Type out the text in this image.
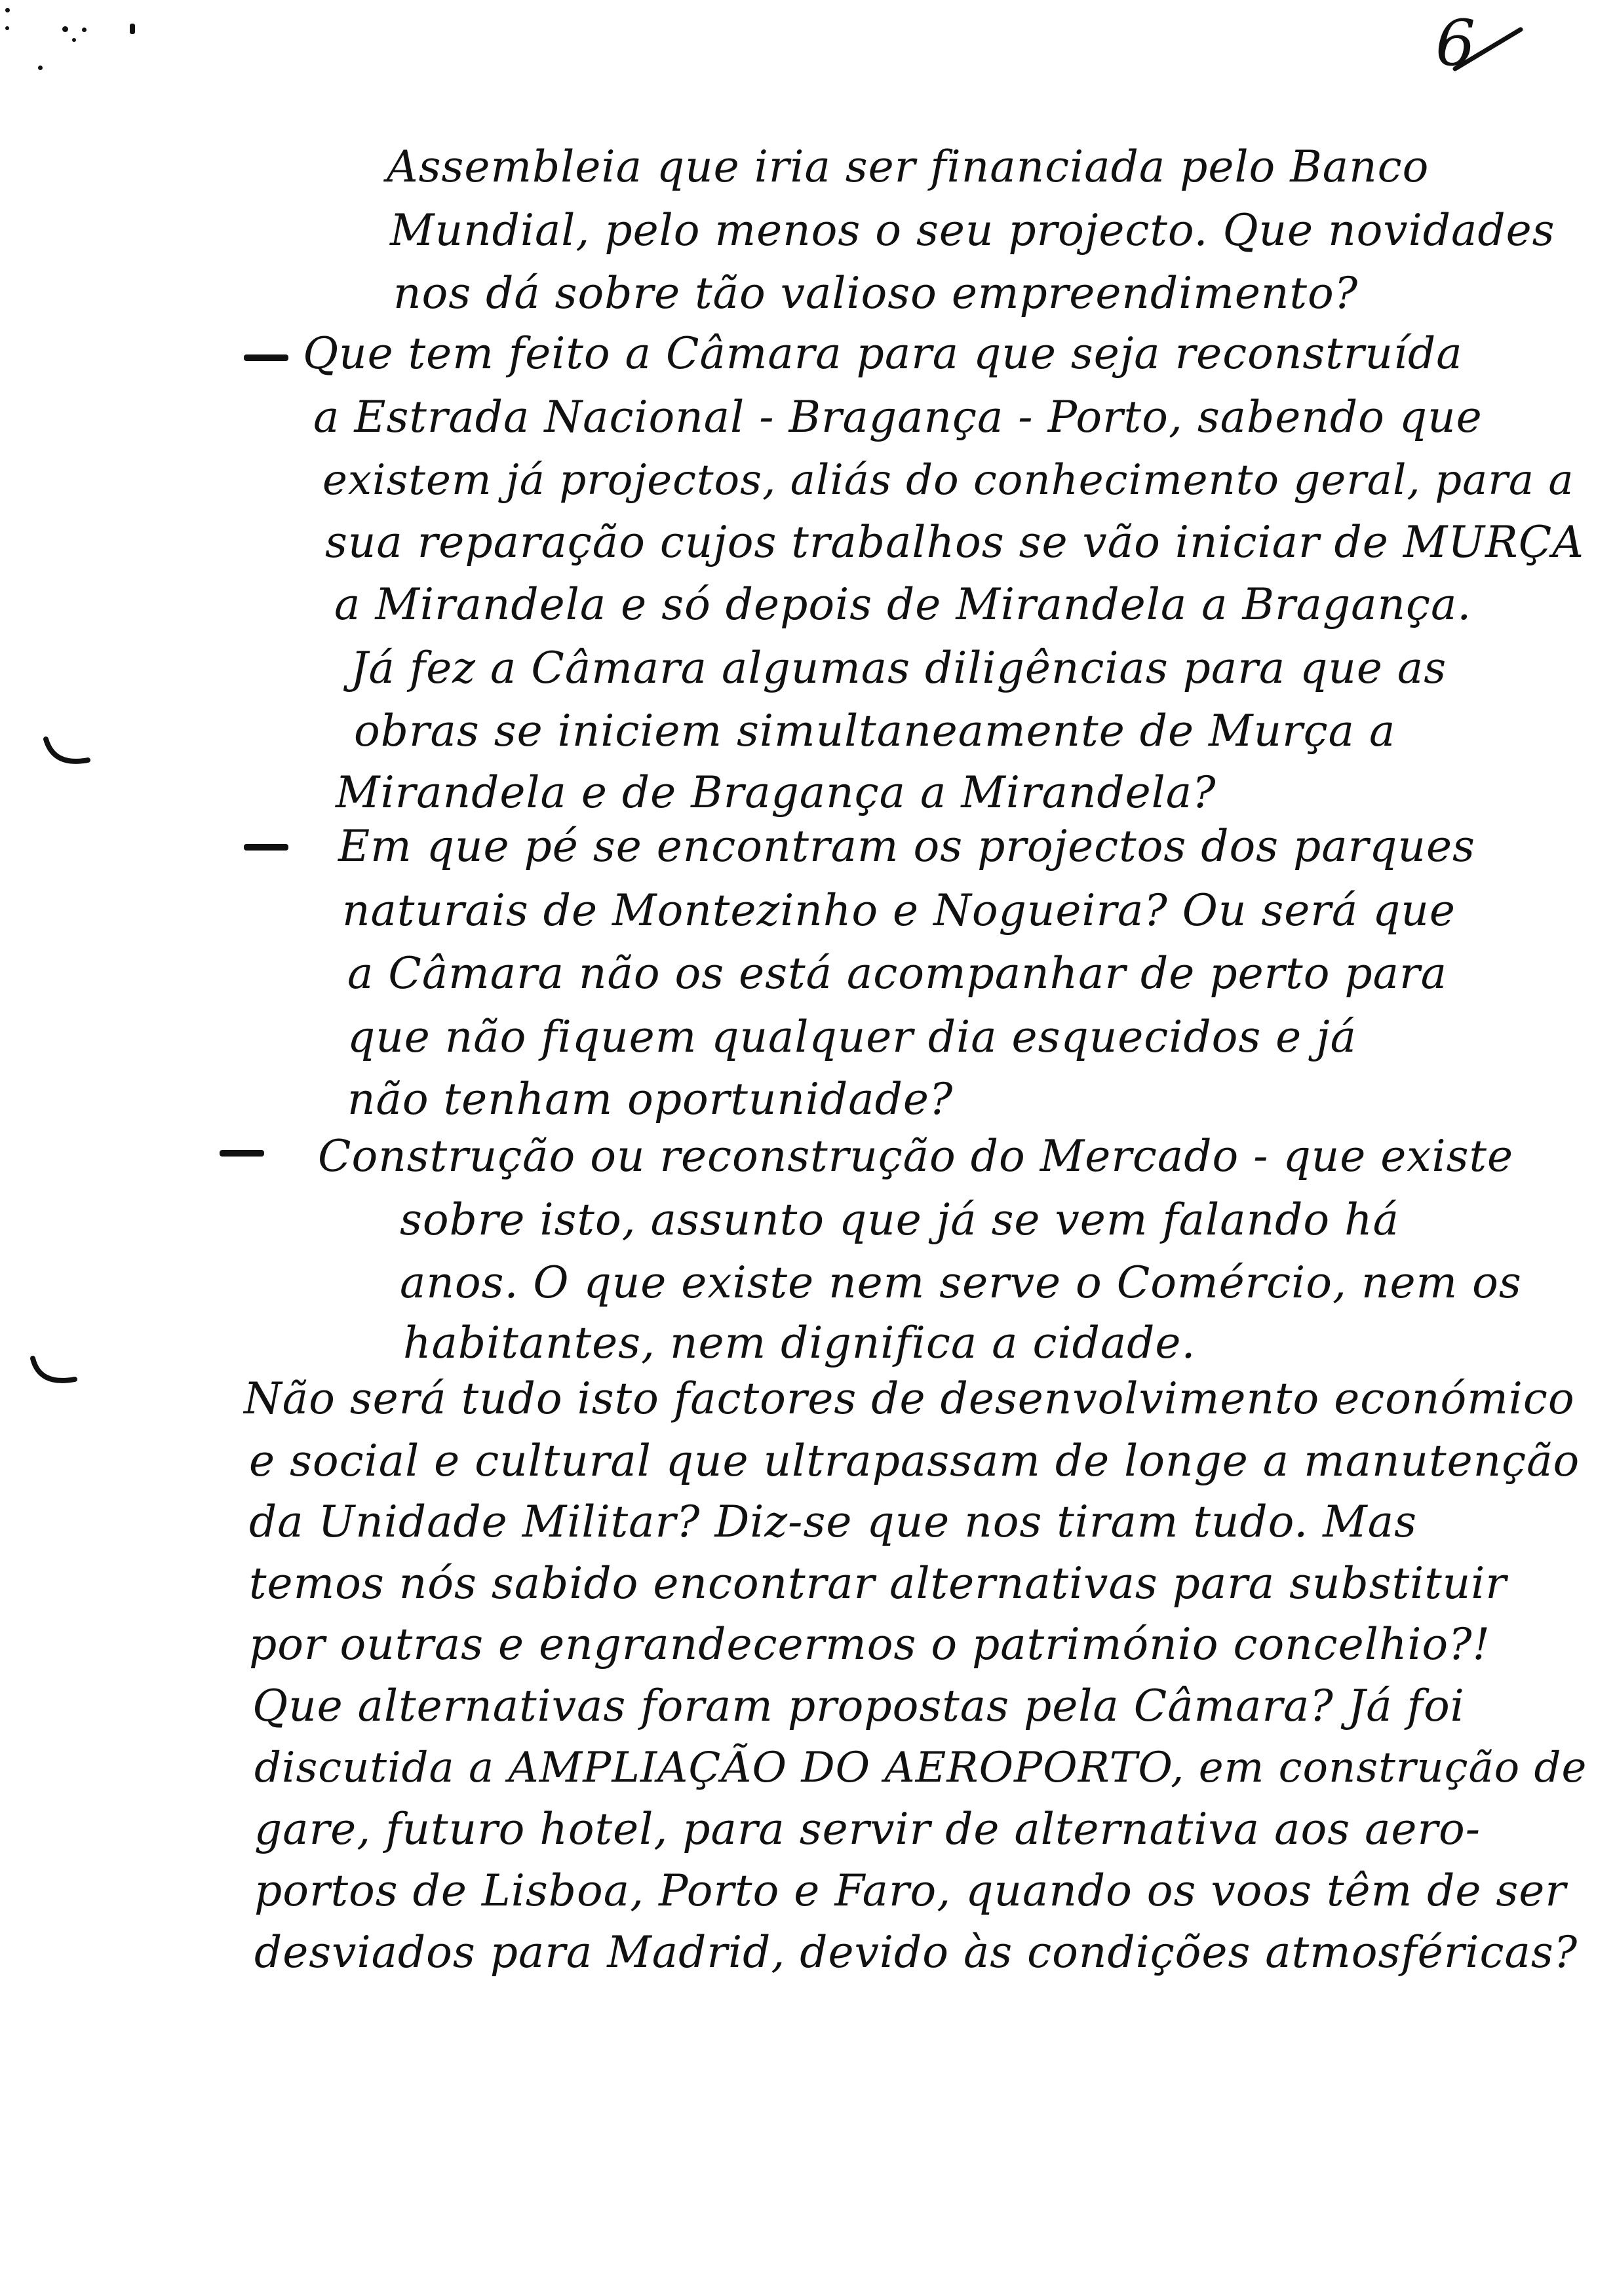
6
Assembleia que iria ser financiada pelo Banco
Mundial, pelo menos o seu projecto. Que novidades
nos dá sobre tão valioso empreendimento?
Que tem feito a Câmara para que seja reconstruída
a Estrada Nacional - Bragança - Porto, sabendo que
existem já projectos, aliás do conhecimento geral, para a
sua reparação cujos trabalhos se vão iniciar de MURÇA
a Mirandela e só depois de Mirandela a Bragança.
Já fez a Câmara algumas diligências para que as
obras se iniciem simultaneamente de Murça a
Mirandela e de Bragança a Mirandela?
Em que pé se encontram os projectos dos parques
naturais de Montezinho e Nogueira? Ou será que
a Câmara não os está acompanhar de perto para
que não fiquem qualquer dia esquecidos e já
não tenham oportunidade?
Construção ou reconstrução do Mercado - que existe
sobre isto, assunto que já se vem falando há
anos. O que existe nem serve o Comércio, nem os
habitantes, nem dignifica a cidade.
Não será tudo isto factores de desenvolvimento económico
e social e cultural que ultrapassam de longe a manutenção
da Unidade Militar? Diz-se que nos tiram tudo. Mas
temos nós sabido encontrar alternativas para substituir
por outras e engrandecermos o património concelhio?!
Que alternativas foram propostas pela Câmara? Já foi
discutida a AMPLIAÇÃO DO AEROPORTO, em construção de
gare, futuro hotel, para servir de alternativa aos aero-
portos de Lisboa, Porto e Faro, quando os voos têm de ser
desviados para Madrid, devido às condições atmosféricas?
